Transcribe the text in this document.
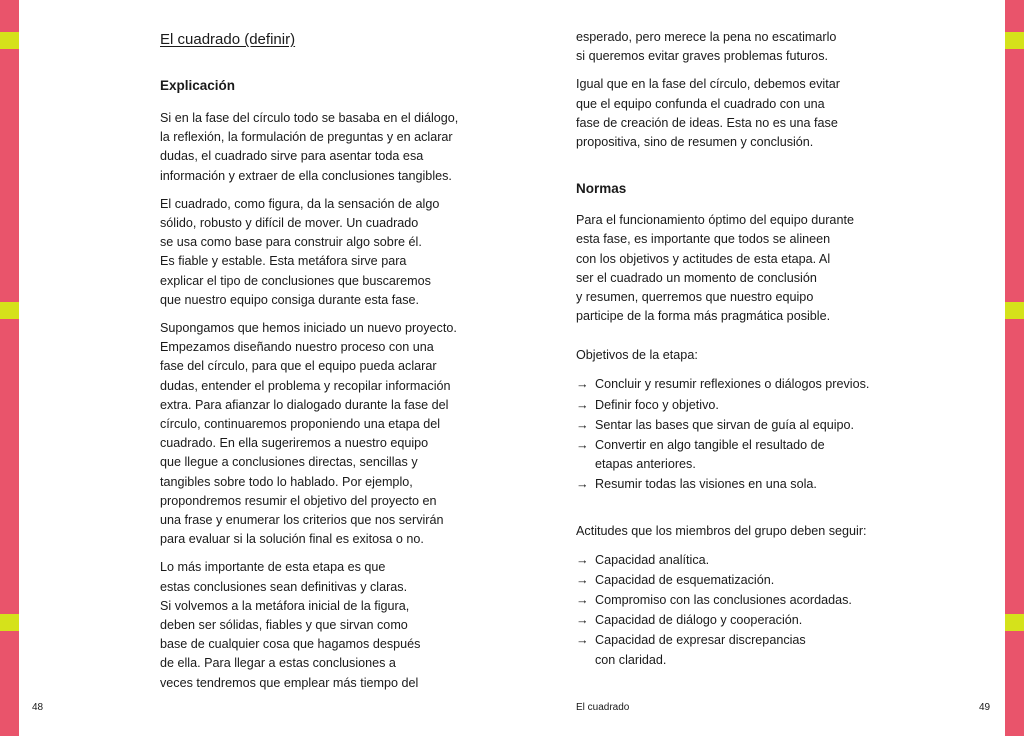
El cuadrado (definir)
Explicación

Si en la fase del círculo todo se basaba en el diálogo,
la reflexión, la formulación de preguntas y en aclarar
dudas, el cuadrado sirve para asentar toda esa
información y extraer de ella conclusiones tangibles.

El cuadrado, como figura, da la sensación de algo
sólido, robusto y difícil de mover. Un cuadrado
se usa como base para construir algo sobre él.
Es fiable y estable. Esta metáfora sirve para
explicar el tipo de conclusiones que buscaremos
que nuestro equipo consiga durante esta fase.

Supongamos que hemos iniciado un nuevo proyecto.
Empezamos diseñando nuestro proceso con una
fase del círculo, para que el equipo pueda aclarar
dudas, entender el problema y recopilar información
extra. Para afianzar lo dialogado durante la fase del
círculo, continuaremos proponiendo una etapa del
cuadrado. En ella sugeriremos a nuestro equipo
que llegue a conclusiones directas, sencillas y
tangibles sobre todo lo hablado. Por ejemplo,
propondremos resumir el objetivo del proyecto en
una frase y enumerar los criterios que nos servirán
para evaluar si la solución final es exitosa o no.

Lo más importante de esta etapa es que
estas conclusiones sean definitivas y claras.
Si volvemos a la metáfora inicial de la figura,
deben ser sólidas, fiables y que sirvan como
base de cualquier cosa que hagamos después
de ella. Para llegar a estas conclusiones a
veces tendremos que emplear más tiempo del

esperado, pero merece la pena no escatimarlo
si queremos evitar graves problemas futuros.

Igual que en la fase del círculo, debemos evitar
que el equipo confunda el cuadrado con una
fase de creación de ideas. Esta no es una fase
propositiva, sino de resumen y conclusión.

Normas

Para el funcionamiento óptimo del equipo durante
esta fase, es importante que todos se alineen
con los objetivos y actitudes de esta etapa. Al
ser el cuadrado un momento de conclusión
y resumen, querremos que nuestro equipo
participe de la forma más pragmática posible.

Objetivos de la etapa:
→ Concluir y resumir reflexiones o diálogos previos.
→ Definir foco y objetivo.
→ Sentar las bases que sirvan de guía al equipo.
→ Convertir en algo tangible el resultado de
etapas anteriores.
→ Resumir todas las visiones en una sola.
Actitudes que los miembros del grupo deben seguir:
→ Capacidad analítica.
→ Capacidad de esquematización.
→ Compromiso con las conclusiones acordadas.
→ Capacidad de diálogo y cooperación.
→ Capacidad de expresar discrepancias
con claridad.
48	El cuadrado	49
